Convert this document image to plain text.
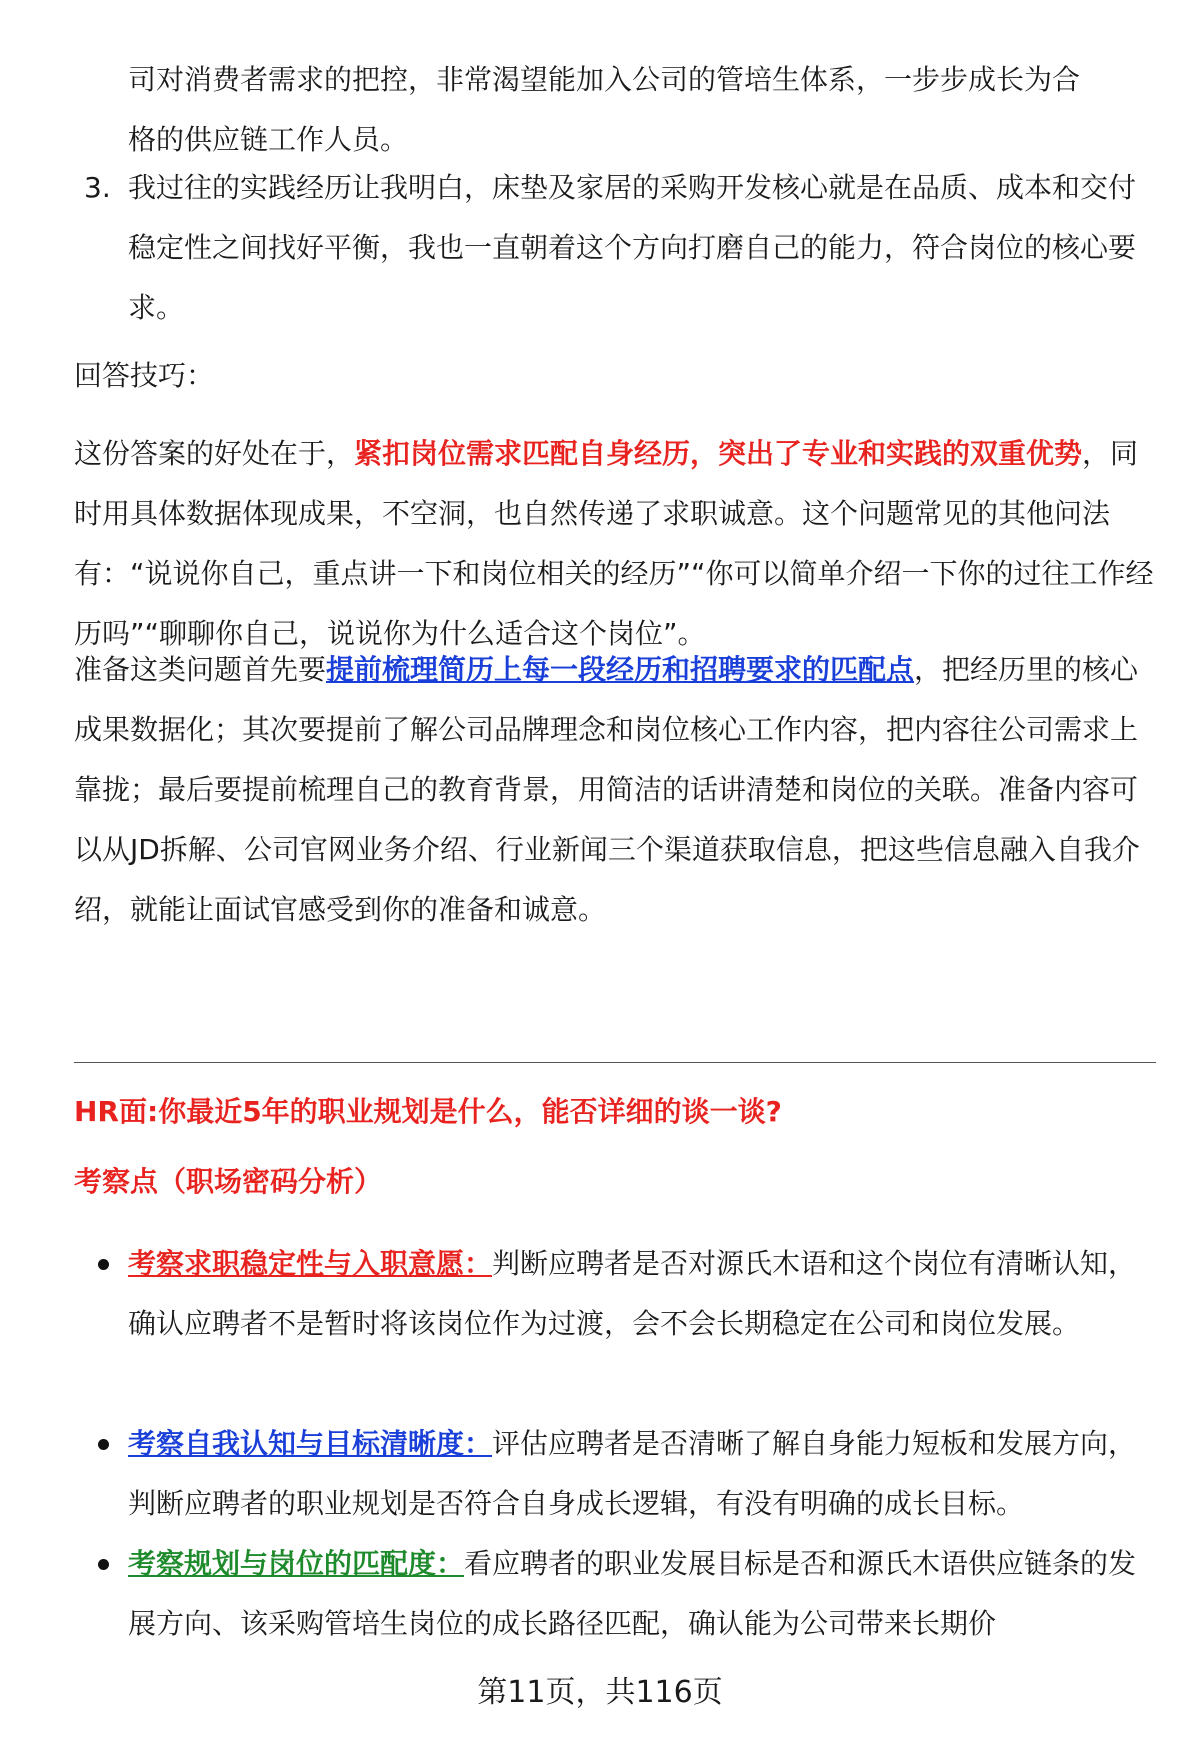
司对消费者需求的把控，非常渴望能加入公司的管培生体系，一步步成长为合
格的供应链工作人员。

3. 我过往的实践经历让我明白，床垫及家居的采购开发核心就是在品质、成本和交付稳定性之间找好平衡，我也一直朝着这个方向打磨自己的能力，符合岗位的核心要求。

回答技巧：

这份答案的好处在于，紧扣岗位需求匹配自身经历，突出了专业和实践的双重优势，同时用具体数据体现成果，不空洞，也自然传递了求职诚意。这个问题常见的其他问法有：“说说你自己，重点讲一下和岗位相关的经历”“你可以简单介绍一下你的过往工作经历吗”“聊聊你自己，说说你为什么适合这个岗位”。

准备这类问题首先要提前梳理简历上每一段经历和招聘要求的匹配点，把经历里的核心成果数据化；其次要提前了解公司品牌理念和岗位核心工作内容，把内容往公司需求上靠拢；最后要提前梳理自己的教育背景，用简洁的话讲清楚和岗位的关联。准备内容可以从JD拆解、公司官网业务介绍、行业新闻三个渠道获取信息，把这些信息融入自我介绍，就能让面试官感受到你的准备和诚意。

HR面:你最近5年的职业规划是什么，能否详细的谈一谈?
考察点（职场密码分析）

考察求职稳定性与入职意愿：判断应聘者是否对源氏木语和这个岗位有清晰认知，确认应聘者不是暂时将该岗位作为过渡，会不会长期稳定在公司和岗位发展。

考察自我认知与目标清晰度：评估应聘者是否清晰了解自身能力短板和发展方向，判断应聘者的职业规划是否符合自身成长逻辑，有没有明确的成长目标。

考察规划与岗位的匹配度：看应聘者的职业发展目标是否和源氏木语供应链条的发展方向、该采购管培生岗位的成长路径匹配，确认能为公司带来长期价

第11页，共116页
